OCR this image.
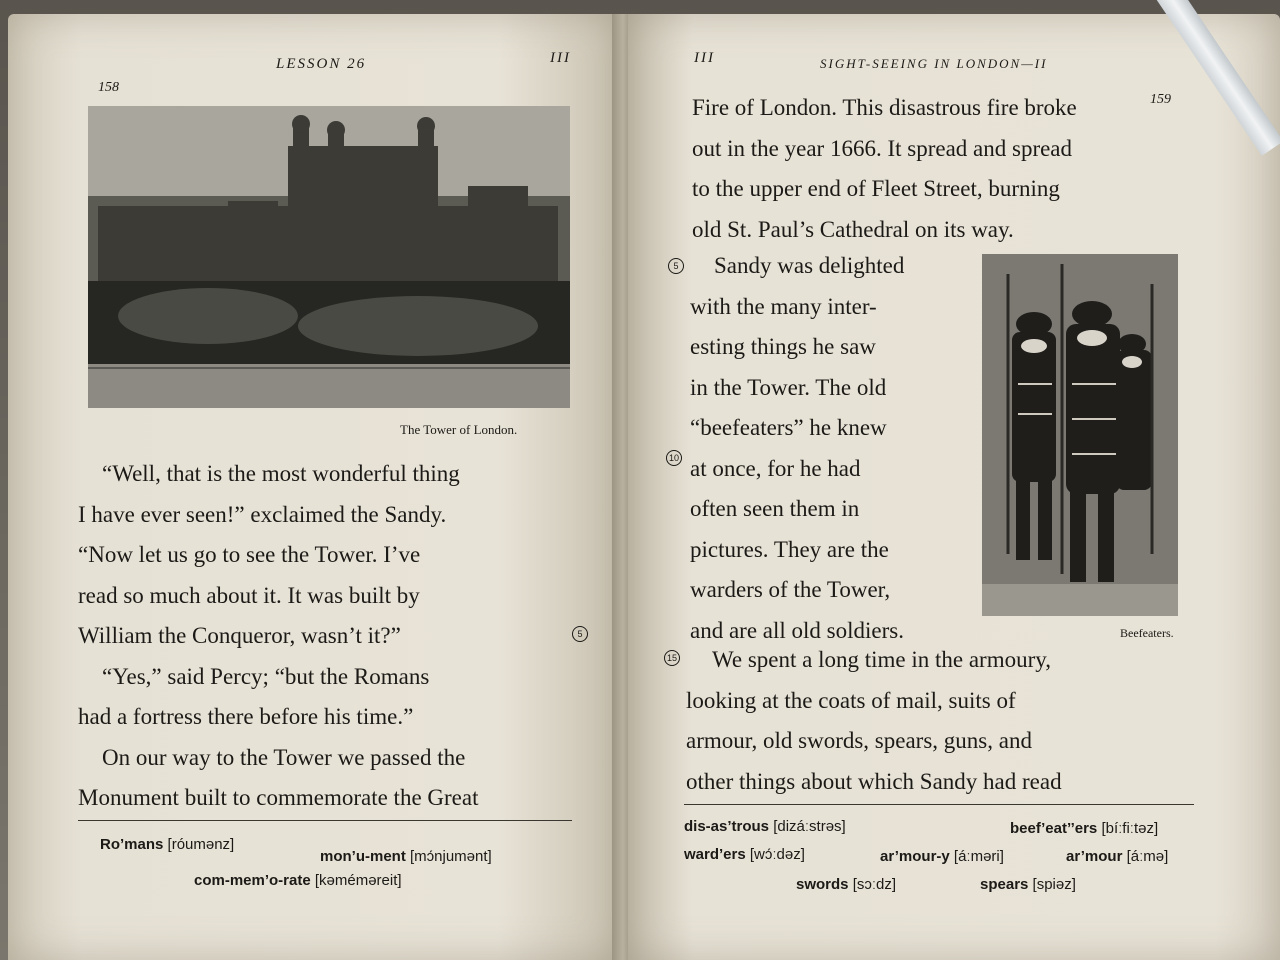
LESSON 26	III
158
The Tower of London.
“Well, that is the most wonderful thing
I have ever seen!” exclaimed the Sandy.
“Now let us go to see the Tower. I’ve
read so much about it. It was built by
William the Conqueror, wasn’t it?”
“Yes,” said Percy; “but the Romans
had a fortress there before his time.”
On our way to the Tower we passed the
Monument built to commemorate the Great
5
Ro’mans [róumənz]
mon’u-ment [mɔ́njumənt]
com-mem’o-rate [kəmémәreit]
III	SIGHT-SEEING IN LONDON—II
159
Fire of London. This disastrous fire broke
out in the year 1666. It spread and spread
to the upper end of Fleet Street, burning
old St. Paul’s Cathedral on its way.
Sandy was delighted
with the many inter-
esting things he saw
in the Tower. The old
“beefeaters” he knew
at once, for he had
often seen them in
pictures. They are the
warders of the Tower,
and are all old soldiers.
5
10
15
Beefeaters.
We spent a long time in the armoury,
looking at the coats of mail, suits of
armour, old swords, spears, guns, and
other things about which Sandy had read
dis-as’trous [dizáːstrəs]	beef’eat’’ers [bíːfiːtəz]
ward’ers [wɔ́ːdəz]	ar’mour-y [áːməri]	ar’mour [áːmə]
swords [sɔːdz]	spears [spiəz]
